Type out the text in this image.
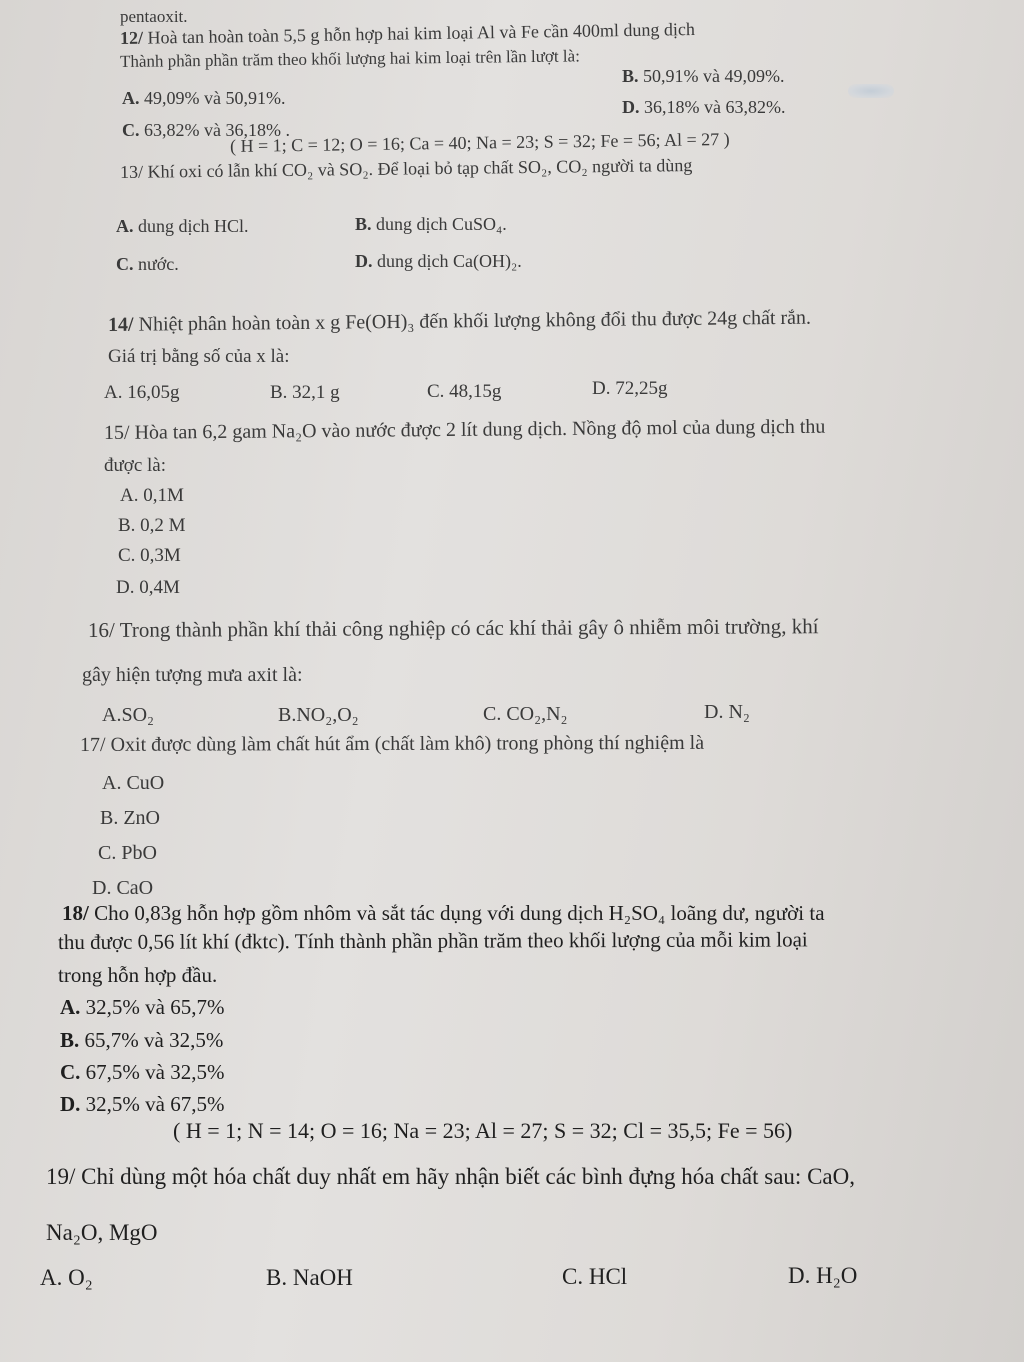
pentaoxit.
12/ Hoà tan hoàn toàn 5,5 g hỗn hợp hai kim loại Al và Fe cần 400ml dung dịch
Thành phần phần trăm theo khối lượng hai kim loại trên lần lượt là:
B. 50,91% và 49,09%.
A. 49,09% và 50,91%.	D. 36,18% và 63,82%.
C. 63,82% và 36,18% .
( H = 1; C = 12; O = 16; Ca = 40; Na = 23; S = 32; Fe = 56; Al = 27 )
13/ Khí oxi có lẫn khí CO₂ và SO₂. Để loại bỏ tạp chất SO₂, CO₂ người ta dùng
A. dung dịch HCl.	B. dung dịch CuSO₄.
C. nước.	D. dung dịch Ca(OH)₂.
14/ Nhiệt phân hoàn toàn x g Fe(OH)₃ đến khối lượng không đổi thu được 24g chất rắn.
Giá trị bằng số của x là:
A. 16,05g	B. 32,1 g	C. 48,15g	D. 72,25g
15/ Hòa tan 6,2 gam Na₂O vào nước được 2 lít dung dịch. Nồng độ mol của dung dịch thu
được là:
A. 0,1M
B. 0,2 M
C. 0,3M
D. 0,4M
16/ Trong thành phần khí thải công nghiệp có các khí thải gây ô nhiễm môi trường, khí
gây hiện tượng mưa axit là:
A.SO₂	B.NO₂,O₂	C. CO₂,N₂	D. N₂
17/ Oxit được dùng làm chất hút ẩm (chất làm khô) trong phòng thí nghiệm là
A. CuO
B. ZnO
C. PbO
D. CaO
18/ Cho 0,83g hỗn hợp gồm nhôm và sắt tác dụng với dung dịch H₂SO₄ loãng dư, người ta
thu được 0,56 lít khí (đktc). Tính thành phần phần trăm theo khối lượng của mỗi kim loại
trong hỗn hợp đầu.
A. 32,5% và 65,7%
B. 65,7% và 32,5%
C. 67,5% và 32,5%
D. 32,5% và 67,5%
( H = 1; N = 14; O = 16; Na = 23; Al = 27; S = 32; Cl = 35,5; Fe = 56)
19/ Chỉ dùng một hóa chất duy nhất em hãy nhận biết các bình đựng hóa chất sau: CaO,
Na₂O, MgO
A. O₂	B. NaOH	C. HCl	D. H₂O
